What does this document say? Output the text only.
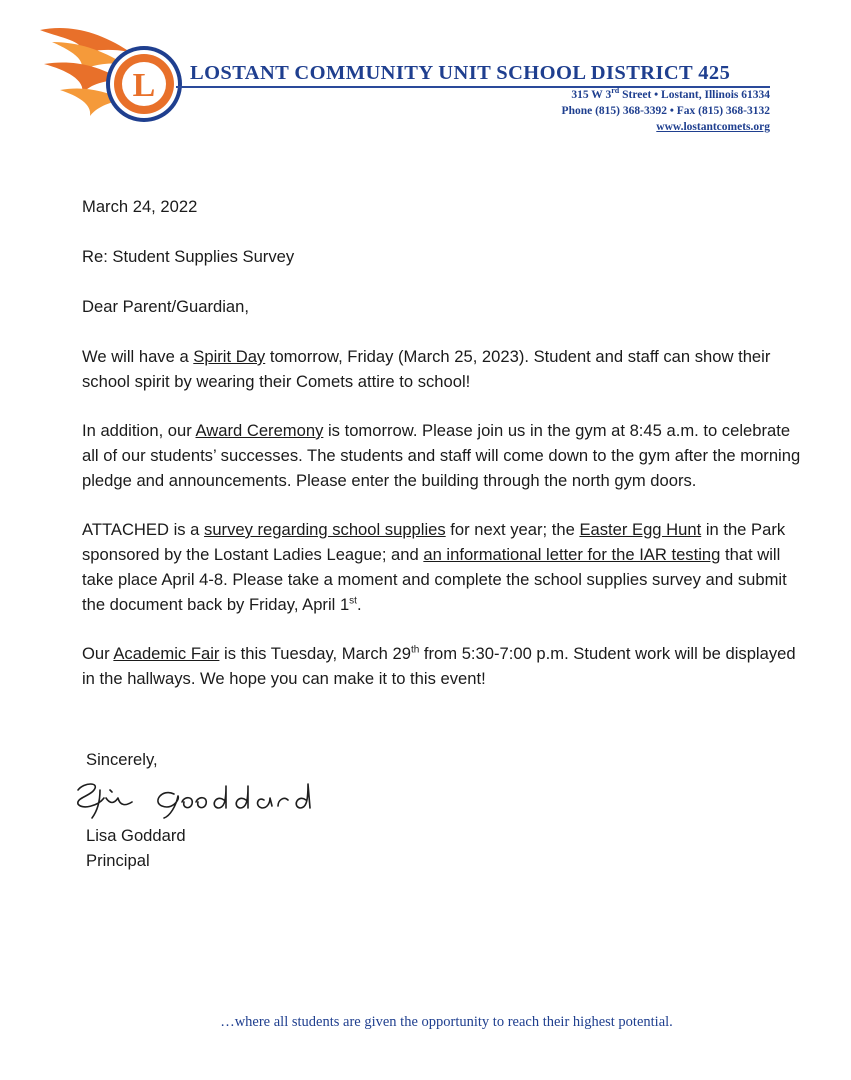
L LOSTANT COMMUNITY UNIT SCHOOL DISTRICT 425
315 W 3rd Street • Lostant, Illinois 61334
Phone (815) 368-3392 • Fax (815) 368-3132
www.lostantcomets.org

March 24, 2022

Re: Student Supplies Survey

Dear Parent/Guardian,

We will have a Spirit Day tomorrow, Friday (March 25, 2023). Student and staff can show their school spirit by wearing their Comets attire to school!

In addition, our Award Ceremony is tomorrow. Please join us in the gym at 8:45 a.m. to celebrate all of our students’ successes. The students and staff will come down to the gym after the morning pledge and announcements. Please enter the building through the north gym doors.

ATTACHED is a survey regarding school supplies for next year; the Easter Egg Hunt in the Park sponsored by the Lostant Ladies League; and an informational letter for the IAR testing that will take place April 4-8. Please take a moment and complete the school supplies survey and submit the document back by Friday, April 1st.

Our Academic Fair is this Tuesday, March 29th from 5:30-7:00 p.m. Student work will be displayed in the hallways. We hope you can make it to this event!

Sincerely,

Lisa Goddard

Principal

…where all students are given the opportunity to reach their highest potential.
